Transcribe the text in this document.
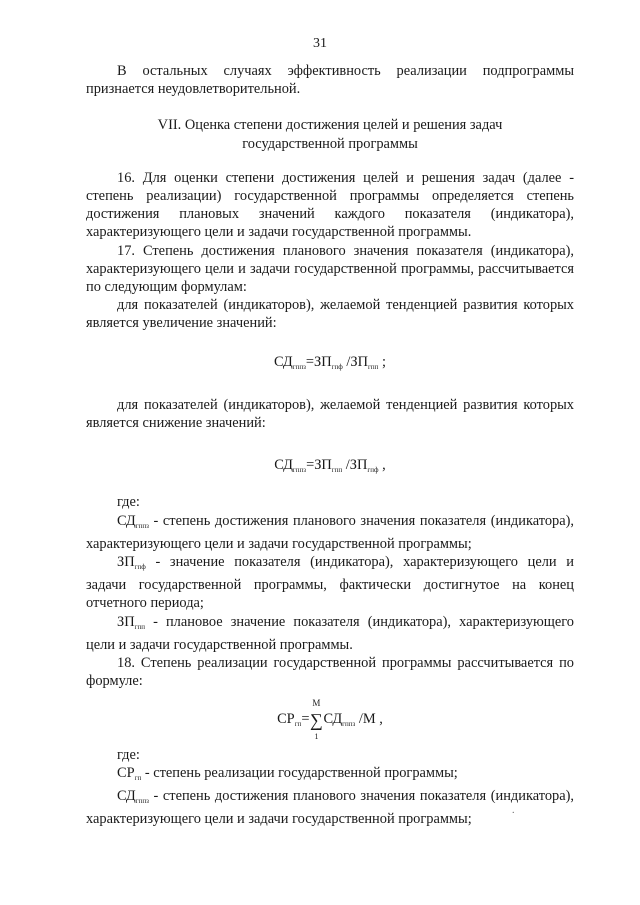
31

В остальных случаях эффективность реализации подпрограммы признается неудовлетворительной.

VII. Оценка степени достижения целей и решения задач
государственной программы

16. Для оценки степени достижения целей и решения задач (далее - степень реализации) государственной программы определяется степень достижения плановых значений каждого показателя (индикатора), характеризующего цели и задачи государственной программы.

17. Степень достижения планового значения показателя (индикатора), характеризующего цели и задачи государственной программы, рассчитывается по следующим формулам:

для показателей (индикаторов), желаемой тенденцией развития которых является увеличение значений:

$СД_{гппз}=ЗП_{гпф}$ $/ЗП_{гпп}$ ;

для показателей (индикаторов), желаемой тенденцией развития которых является снижение значений:

$СД_{гппз}=ЗП_{гпп}$ $/ЗП_{гпф}$ ,

где:

$СД_{гппз}$ - степень достижения планового значения показателя (индикатора), характеризующего цели и задачи государственной программы;

$ЗП_{гпф}$ - значение показателя (индикатора), характеризующего цели и задачи государственной программы, фактически достигнутое на конец отчетного периода;

$ЗП_{гпп}$ - плановое значение показателя (индикатора), характеризующего цели и задачи государственной программы.

18. Степень реализации государственной программы рассчитывается по формуле:

$СР_{гп}=$
М
∑
1
$СД_{гппз}$ /М ,

где:

$СР_{гп}$ - степень реализации государственной программы;

$СД_{гппз}$ - степень достижения планового значения показателя (индикатора), характеризующего цели и задачи государственной программы;

.
